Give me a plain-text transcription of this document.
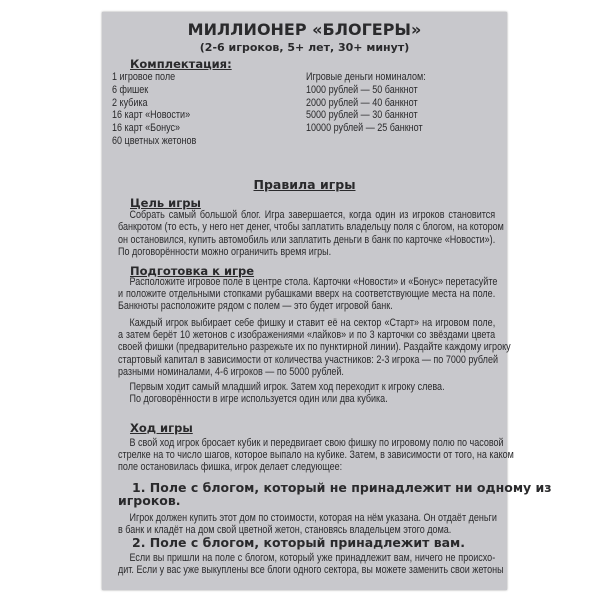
МИЛЛИОНЕР «БЛОГЕРЫ»
(2-6 игроков, 5+ лет, 30+ минут)
Комплектация:
1 игровое поле
6 фишек
2 кубика
16 карт «Новости»
16 карт «Бонус»
60 цветных жетонов
Игровые деньги номиналом:
1000 рублей — 50 банкнот
2000 рублей — 40 банкнот
5000 рублей — 30 банкнот
10000 рублей — 25 банкнот
Правила игры
Цель игры
Подготовка к игре
Ход игры
Собрать самый большой блог. Игра завершается, когда один из игроков становится
банкротом (то есть, у него нет денег, чтобы заплатить владельцу поля с блогом, на котором
он остановился, купить автомобиль или заплатить деньги в банк по карточке «Новости»).
По договорённости можно ограничить время игры.
Расположите игровое поле в центре стола. Карточки «Новости» и «Бонус» перетасуйте
и положите отдельными стопками рубашками вверх на соответствующие места на поле.
Банкноты расположите рядом с полем — это будет игровой банк.
Каждый игрок выбирает себе фишку и ставит её на сектор «Старт» на игровом поле,
а затем берёт 10 жетонов с изображениями «лайков» и по 3 карточки со звёздами цвета
своей фишки (предварительно разрежьте их по пунктирной линии). Раздайте каждому игроку
стартовый капитал в зависимости от количества участников: 2-3 игрока — по 7000 рублей
разными номиналами, 4-6 игроков — по 5000 рублей.
Первым ходит самый младший игрок. Затем ход переходит к игроку слева.
По договорённости в игре используется один или два кубика.
В свой ход игрок бросает кубик и передвигает свою фишку по игровому полю по часовой
стрелке на то число шагов, которое выпало на кубике. Затем, в зависимости от того, на каком
поле остановилась фишка, игрок делает следующее:
1. Поле с блогом, который не принадлежит ни одному из
игроков.
Игрок должен купить этот дом по стоимости, которая на нём указана. Он отдаёт деньги
в банк и кладёт на дом свой цветной жетон, становясь владельцем этого дома.
2. Поле с блогом, который принадлежит вам.
Если вы пришли на поле с блогом, который уже принадлежит вам, ничего не происхо-
дит. Если у вас уже выкуплены все блоги одного сектора, вы можете заменить свои жетоны
